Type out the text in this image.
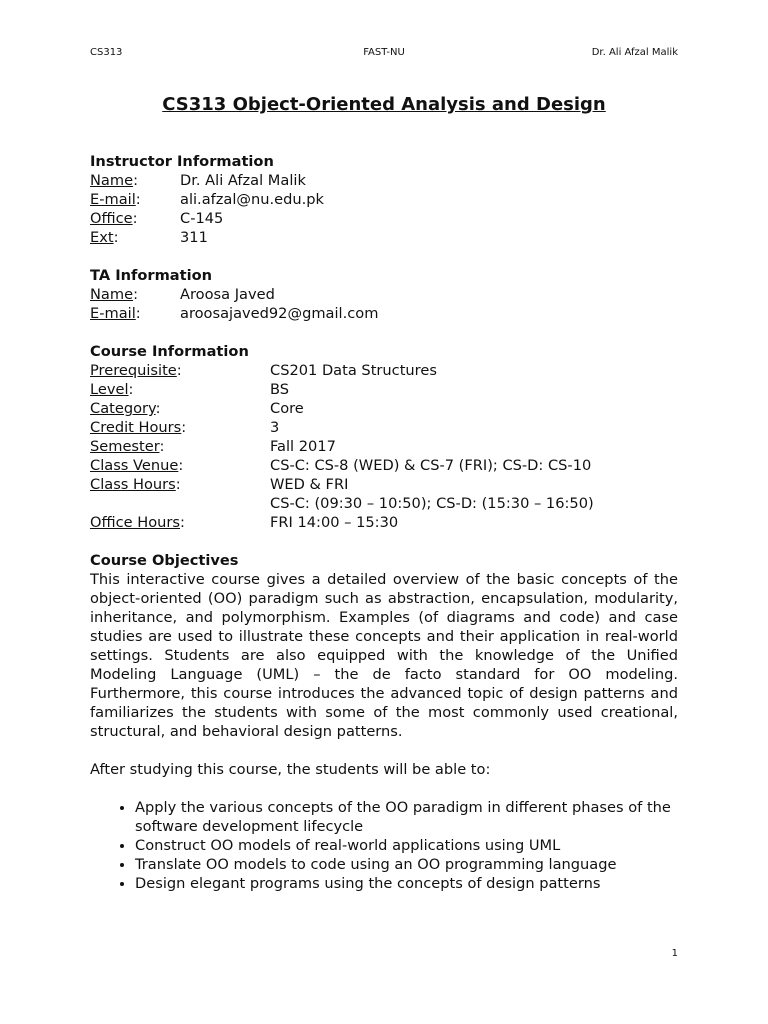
CS313	FAST-NU	Dr. Ali Afzal Malik
CS313 Object-Oriented Analysis and Design
Instructor Information
Name:	Dr. Ali Afzal Malik
E-mail:	ali.afzal@nu.edu.pk
Office:	C-145
Ext:	311
TA Information
Name:	Aroosa Javed
E-mail:	aroosajaved92@gmail.com
Course Information
Prerequisite:	CS201 Data Structures
Level:	BS
Category:	Core
Credit Hours:	3
Semester:	Fall 2017
Class Venue:	CS-C: CS-8 (WED) & CS-7 (FRI); CS-D: CS-10
Class Hours:	WED & FRI
CS-C: (09:30 – 10:50); CS-D: (15:30 – 16:50)
Office Hours:	FRI 14:00 – 15:30
Course Objectives

This interactive course gives a detailed overview of the basic concepts of the object-oriented (OO) paradigm such as abstraction, encapsulation, modularity, inheritance, and polymorphism. Examples (of diagrams and code) and case studies are used to illustrate these concepts and their application in real-world settings. Students are also equipped with the knowledge of the Unified Modeling Language (UML) – the de facto standard for OO modeling. Furthermore, this course introduces the advanced topic of design patterns and familiarizes the students with some of the most commonly used creational, structural, and behavioral design patterns.

After studying this course, the students will be able to:

• Apply the various concepts of the OO paradigm in different phases of the software development lifecycle
• Construct OO models of real-world applications using UML
• Translate OO models to code using an OO programming language
• Design elegant programs using the concepts of design patterns
1
